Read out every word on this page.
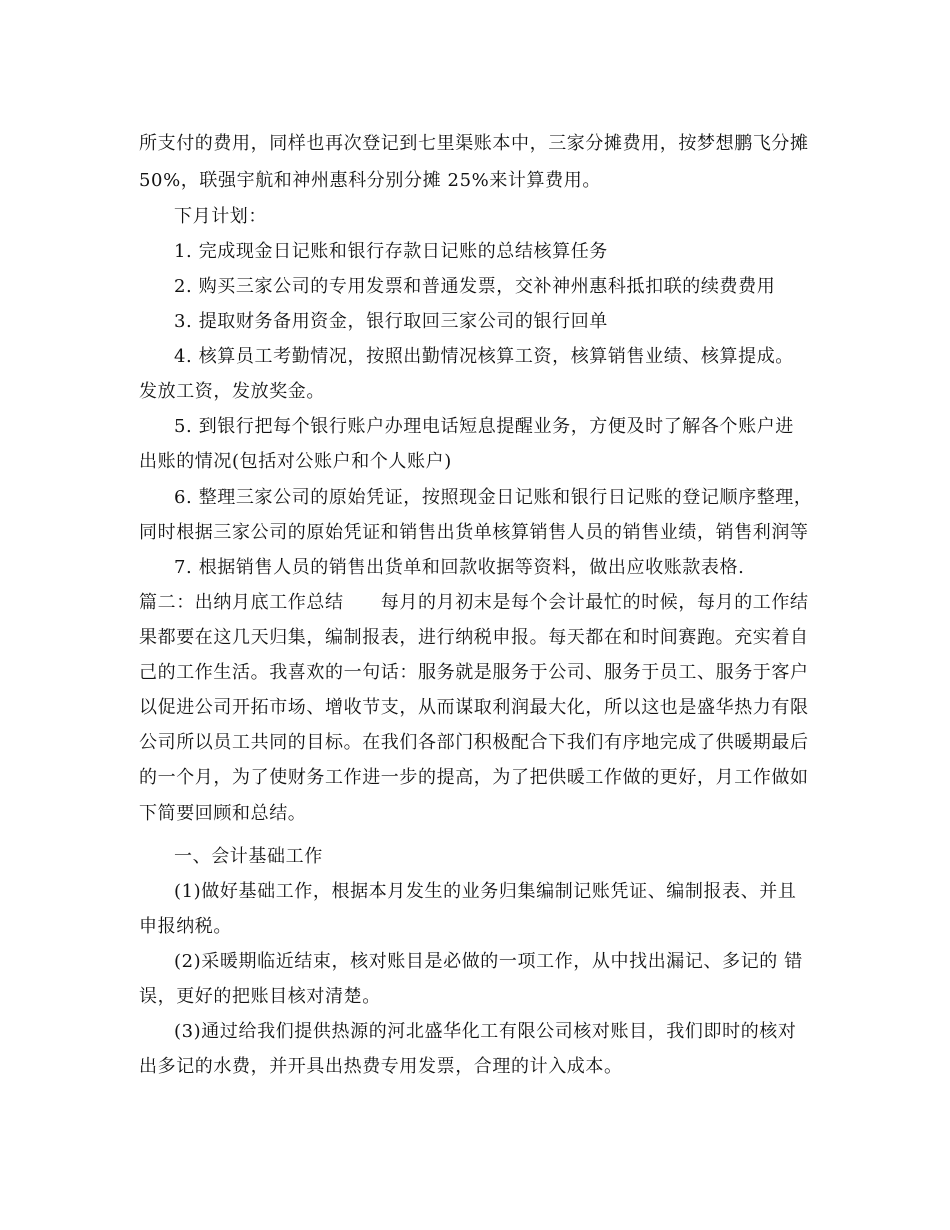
所支付的费用，同样也再次登记到七里渠账本中，三家分摊费用，按梦想鹏飞分摊
50%，联强宇航和神州惠科分别分摊 25%来计算费用。
下月计划：
1. 完成现金日记账和银行存款日记账的总结核算任务
2. 购买三家公司的专用发票和普通发票，交补神州惠科抵扣联的续费费用
3. 提取财务备用资金，银行取回三家公司的银行回单
4. 核算员工考勤情况，按照出勤情况核算工资，核算销售业绩、核算提成。
发放工资，发放奖金。
5. 到银行把每个银行账户办理电话短息提醒业务，方便及时了解各个账户进
出账的情况(包括对公账户和个人账户)
6. 整理三家公司的原始凭证，按照现金日记账和银行日记账的登记顺序整理，
同时根据三家公司的原始凭证和销售出货单核算销售人员的销售业绩，销售利润等
7. 根据销售人员的销售出货单和回款收据等资料，做出应收账款表格.
篇二：出纳月底工作总结　　每月的月初末是每个会计最忙的时候，每月的工作结
果都要在这几天归集，编制报表，进行纳税申报。每天都在和时间赛跑。充实着自
己的工作生活。我喜欢的一句话：服务就是服务于公司、服务于员工、服务于客户
以促进公司开拓市场、增收节支，从而谋取利润最大化，所以这也是盛华热力有限
公司所以员工共同的目标。在我们各部门积极配合下我们有序地完成了供暖期最后
的一个月，为了使财务工作进一步的提高，为了把供暖工作做的更好，月工作做如
下简要回顾和总结。
一、会计基础工作
(1)做好基础工作，根据本月发生的业务归集编制记账凭证、编制报表、并且
申报纳税。
(2)采暖期临近结束，核对账目是必做的一项工作，从中找出漏记、多记的 错
误，更好的把账目核对清楚。
(3)通过给我们提供热源的河北盛华化工有限公司核对账目，我们即时的核对
出多记的水费，并开具出热费专用发票，合理的计入成本。
